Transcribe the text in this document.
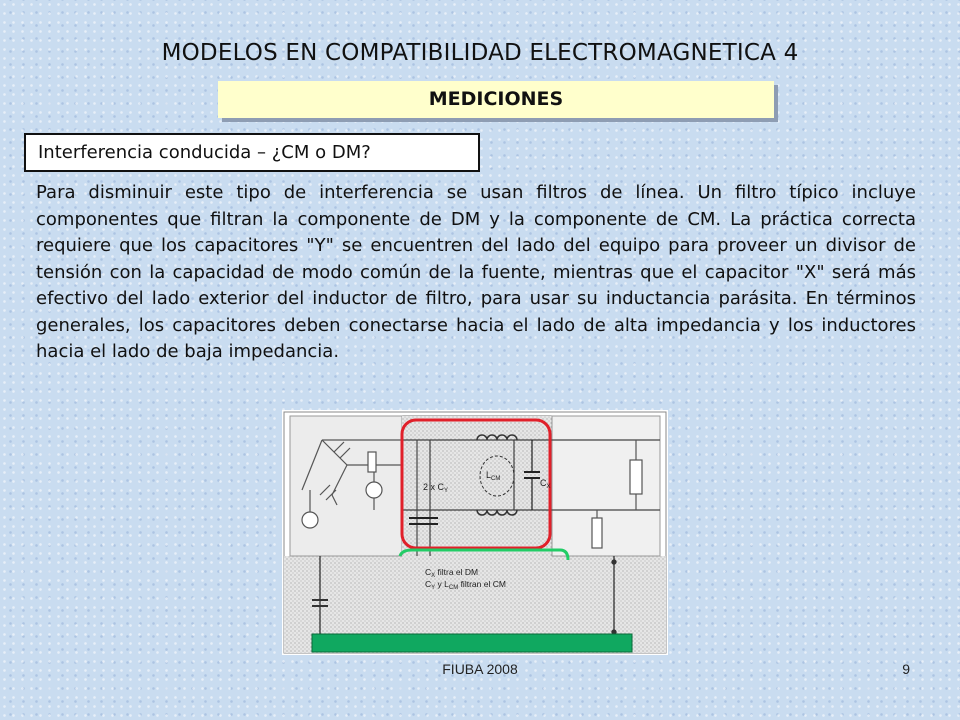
MODELOS EN COMPATIBILIDAD ELECTROMAGNETICA 4
MEDICIONES
Interferencia conducida – ¿CM o DM?
Para disminuir este tipo de interferencia se usan filtros de línea. Un filtro típico incluye componentes que filtran la componente de DM y la componente de CM. La práctica correcta requiere que los capacitores "Y" se encuentren del lado del equipo para proveer un divisor de tensión con la capacidad de modo común de la fuente, mientras que el capacitor "X" será más efectivo del lado exterior del inductor de filtro, para usar su inductancia parásita. En términos generales, los capacitores deben conectarse hacia el lado de alta impedancia y los inductores hacia el lado de baja impedancia.
2 x $C_Y$
$L_{CM}$	$C_X$
$C_X$ filtra el DM
$C_Y$ y $L_{CM}$ filtran el CM
FIUBA 2008	9
